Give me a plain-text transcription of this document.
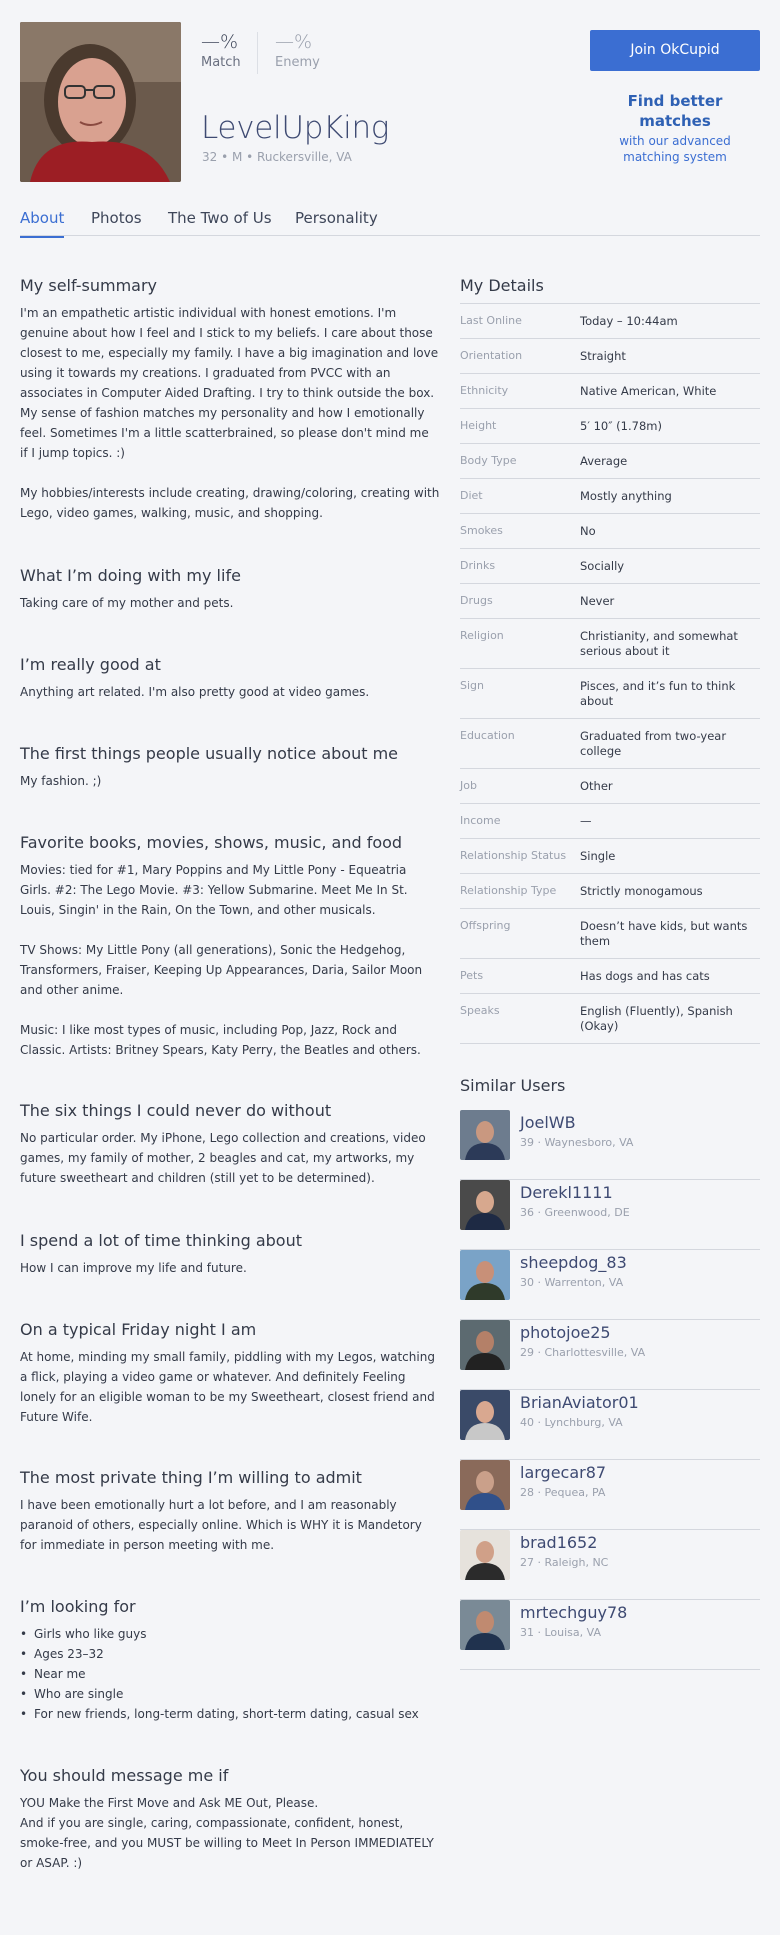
—%
Match
—%
Enemy
LevelUpKing
32 • M • Ruckersville, VA
Join OkCupid
Find better matches
with our advanced matching system
About Photos The Two of Us Personality
My self-summary
I'm an empathetic artistic individual with honest emotions. I'm genuine about how I feel and I stick to my beliefs. I care about those closest to me, especially my family. I have a big imagination and love using it towards my creations. I graduated from PVCC with an associates in Computer Aided Drafting. I try to think outside the box. My sense of fashion matches my personality and how I emotionally feel. Sometimes I'm a little scatterbrained, so please don't mind me if I jump topics. :)

My hobbies/interests include creating, drawing/coloring, creating with Lego, video games, walking, music, and shopping.
What I’m doing with my life
Taking care of my mother and pets.
I’m really good at
Anything art related. I'm also pretty good at video games.
The first things people usually notice about me
My fashion. ;)
Favorite books, movies, shows, music, and food
Movies: tied for #1, Mary Poppins and My Little Pony - Equeatria Girls. #2: The Lego Movie. #3: Yellow Submarine. Meet Me In St. Louis, Singin' in the Rain, On the Town, and other musicals.

TV Shows: My Little Pony (all generations), Sonic the Hedgehog, Transformers, Fraiser, Keeping Up Appearances, Daria, Sailor Moon and other anime.

Music: I like most types of music, including Pop, Jazz, Rock and Classic. Artists: Britney Spears, Katy Perry, the Beatles and others.
The six things I could never do without
No particular order. My iPhone, Lego collection and creations, video games, my family of mother, 2 beagles and cat, my artworks, my future sweetheart and children (still yet to be determined).
I spend a lot of time thinking about
How I can improve my life and future.
On a typical Friday night I am
At home, minding my small family, piddling with my Legos, watching a flick, playing a video game or whatever. And definitely Feeling lonely for an eligible woman to be my Sweetheart, closest friend and Future Wife.
The most private thing I’m willing to admit
I have been emotionally hurt a lot before, and I am reasonably paranoid of others, especially online. Which is WHY it is Mandetory for immediate in person meeting with me.
I’m looking for
• Girls who like guys
• Ages 23–32
• Near me
• Who are single
• For new friends, long-term dating, short-term dating, casual sex
You should message me if
YOU Make the First Move and Ask ME Out, Please.
And if you are single, caring, compassionate, confident, honest, smoke-free, and you MUST be willing to Meet In Person IMMEDIATELY or ASAP. :)
My Details
Last Online	Today – 10:44am
Orientation	Straight
Ethnicity	Native American, White
Height	5′ 10″ (1.78m)
Body Type	Average
Diet	Mostly anything
Smokes	No
Drinks	Socially
Drugs	Never
Religion	Christianity, and somewhat serious about it
Sign	Pisces, and it’s fun to think about
Education	Graduated from two-year college
Job	Other
Income	—
Relationship Status	Single
Relationship Type	Strictly monogamous
Offspring	Doesn’t have kids, but wants them
Pets	Has dogs and has cats
Speaks	English (Fluently), Spanish (Okay)
Similar Users
JoelWB
39 · Waynesboro, VA
Derekl1111
36 · Greenwood, DE
sheepdog_83
30 · Warrenton, VA
photojoe25
29 · Charlottesville, VA
BrianAviator01
40 · Lynchburg, VA
largecar87
28 · Pequea, PA
brad1652
27 · Raleigh, NC
mrtechguy78
31 · Louisa, VA
